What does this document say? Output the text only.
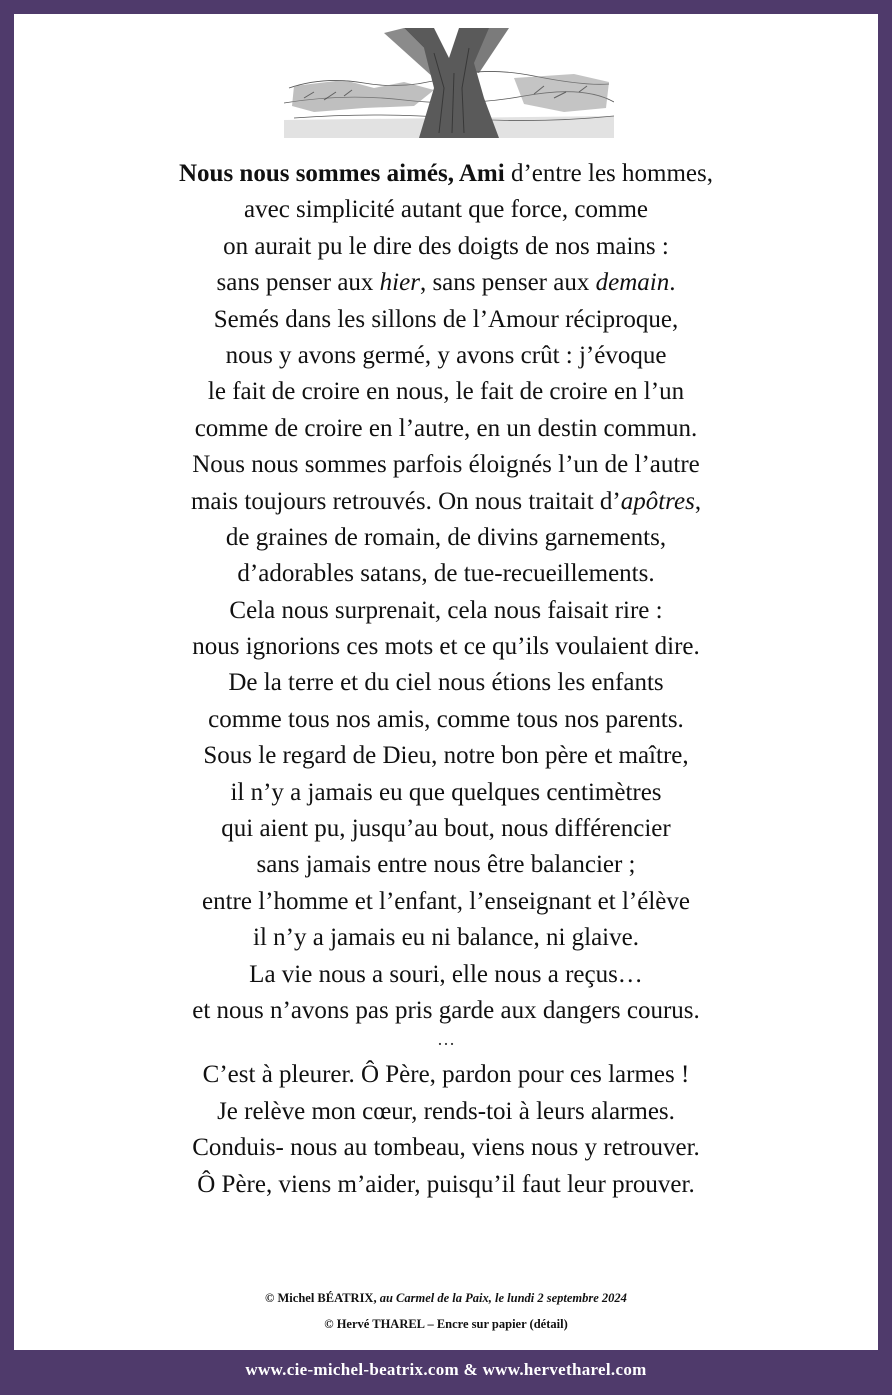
Nous nous sommes aimés, Ami d’entre les hommes,
avec simplicité autant que force, comme
on aurait pu le dire des doigts de nos mains :
sans penser aux hier, sans penser aux demain.
Semés dans les sillons de l’Amour réciproque,
nous y avons germé, y avons crût : j’évoque
le fait de croire en nous, le fait de croire en l’un
comme de croire en l’autre, en un destin commun.
Nous nous sommes parfois éloignés l’un de l’autre
mais toujours retrouvés. On nous traitait d’apôtres,
de graines de romain, de divins garnements,
d’adorables satans, de tue-recueillements.
Cela nous surprenait, cela nous faisait rire :
nous ignorions ces mots et ce qu’ils voulaient dire.
De la terre et du ciel nous étions les enfants
comme tous nos amis, comme tous nos parents.
Sous le regard de Dieu, notre bon père et maître,
il n’y a jamais eu que quelques centimètres
qui aient pu, jusqu’au bout, nous différencier
sans jamais entre nous être balancier ;
entre l’homme et l’enfant, l’enseignant et l’élève
il n’y a jamais eu ni balance, ni glaive.
La vie nous a souri, elle nous a reçus…
et nous n’avons pas pris garde aux dangers courus.
…
C’est à pleurer. Ô Père, pardon pour ces larmes !
Je relève mon cœur, rends-toi à leurs alarmes.
Conduis- nous au tombeau, viens nous y retrouver.
Ô Père, viens m’aider, puisqu’il faut leur prouver.
© Michel BÉATRIX, au Carmel de la Paix, le lundi 2 septembre 2024
© Hervé THAREL – Encre sur papier (détail)
www.cie-michel-beatrix.com & www.hervetharel.com
